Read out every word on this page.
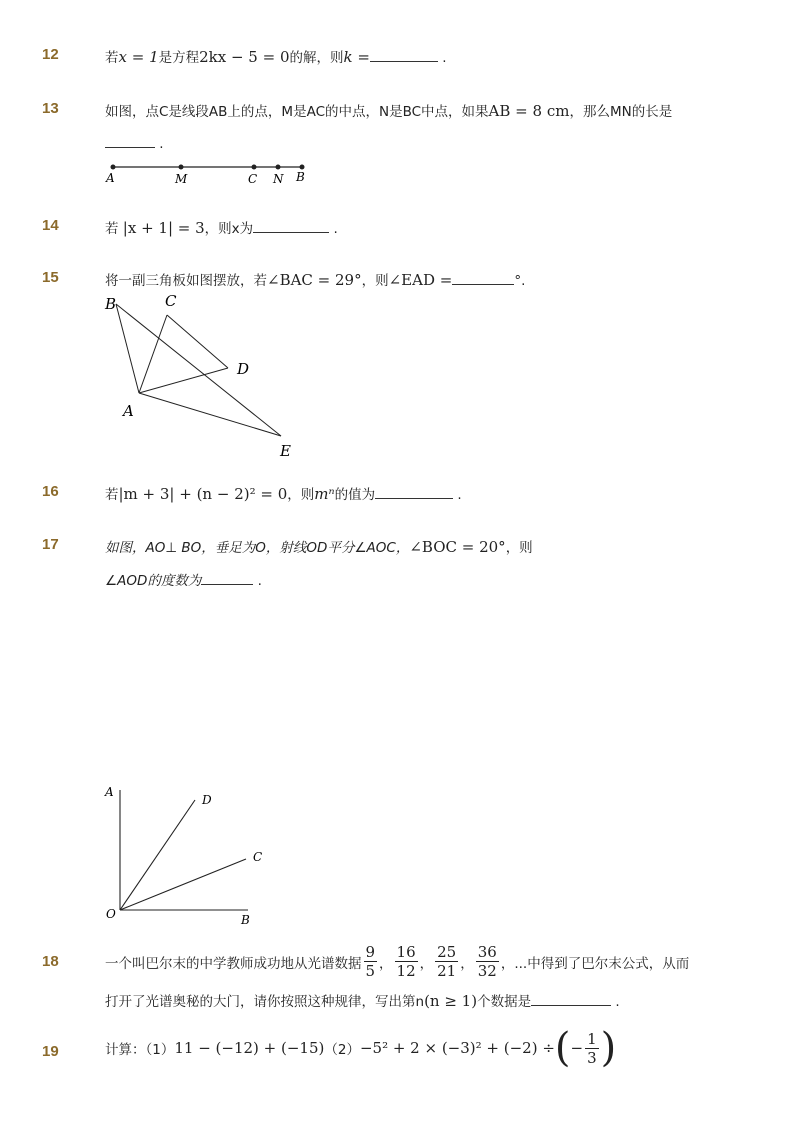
12	若x = 1是方程2kx − 5 = 0的解，则k =	.
13	如图，点C是线段AB上的点，M是AC的中点，N是BC中点，如果AB = 8 cm，那么MN的长是
.
A	M	C N B
14	若 |x + 1| = 3，则x为	.
15	将一副三角板如图摆放，若∠BAC = 29°，则∠EAD =	°.
B	C
D
A
E
16	若|m + 3| + (n − 2)² = 0，则mⁿ的值为	.
17	如图，AO⊥ BO，垂足为O，射线OD平分∠AOC，∠BOC = 20°，则
∠AOD的度数为	.
A
D
C
O	B
18	一个叫巴尔末的中学教师成功地从光谱数据 $\frac{9}{5}$ ， $\frac{16}{12}$ ， $\frac{25}{21}$ ， $\frac{36}{32}$ ，...中得到了巴尔末公式，从而
打开了光谱奥秘的大门，请你按照这种规律，写出第n(n ≥ 1)个数据是	.
19	计算：（1） 11 − (−12) + (−15) （2） −5² + 2 × (−3)² + (−2) ÷ ( − $\frac{1}{3}$ )
